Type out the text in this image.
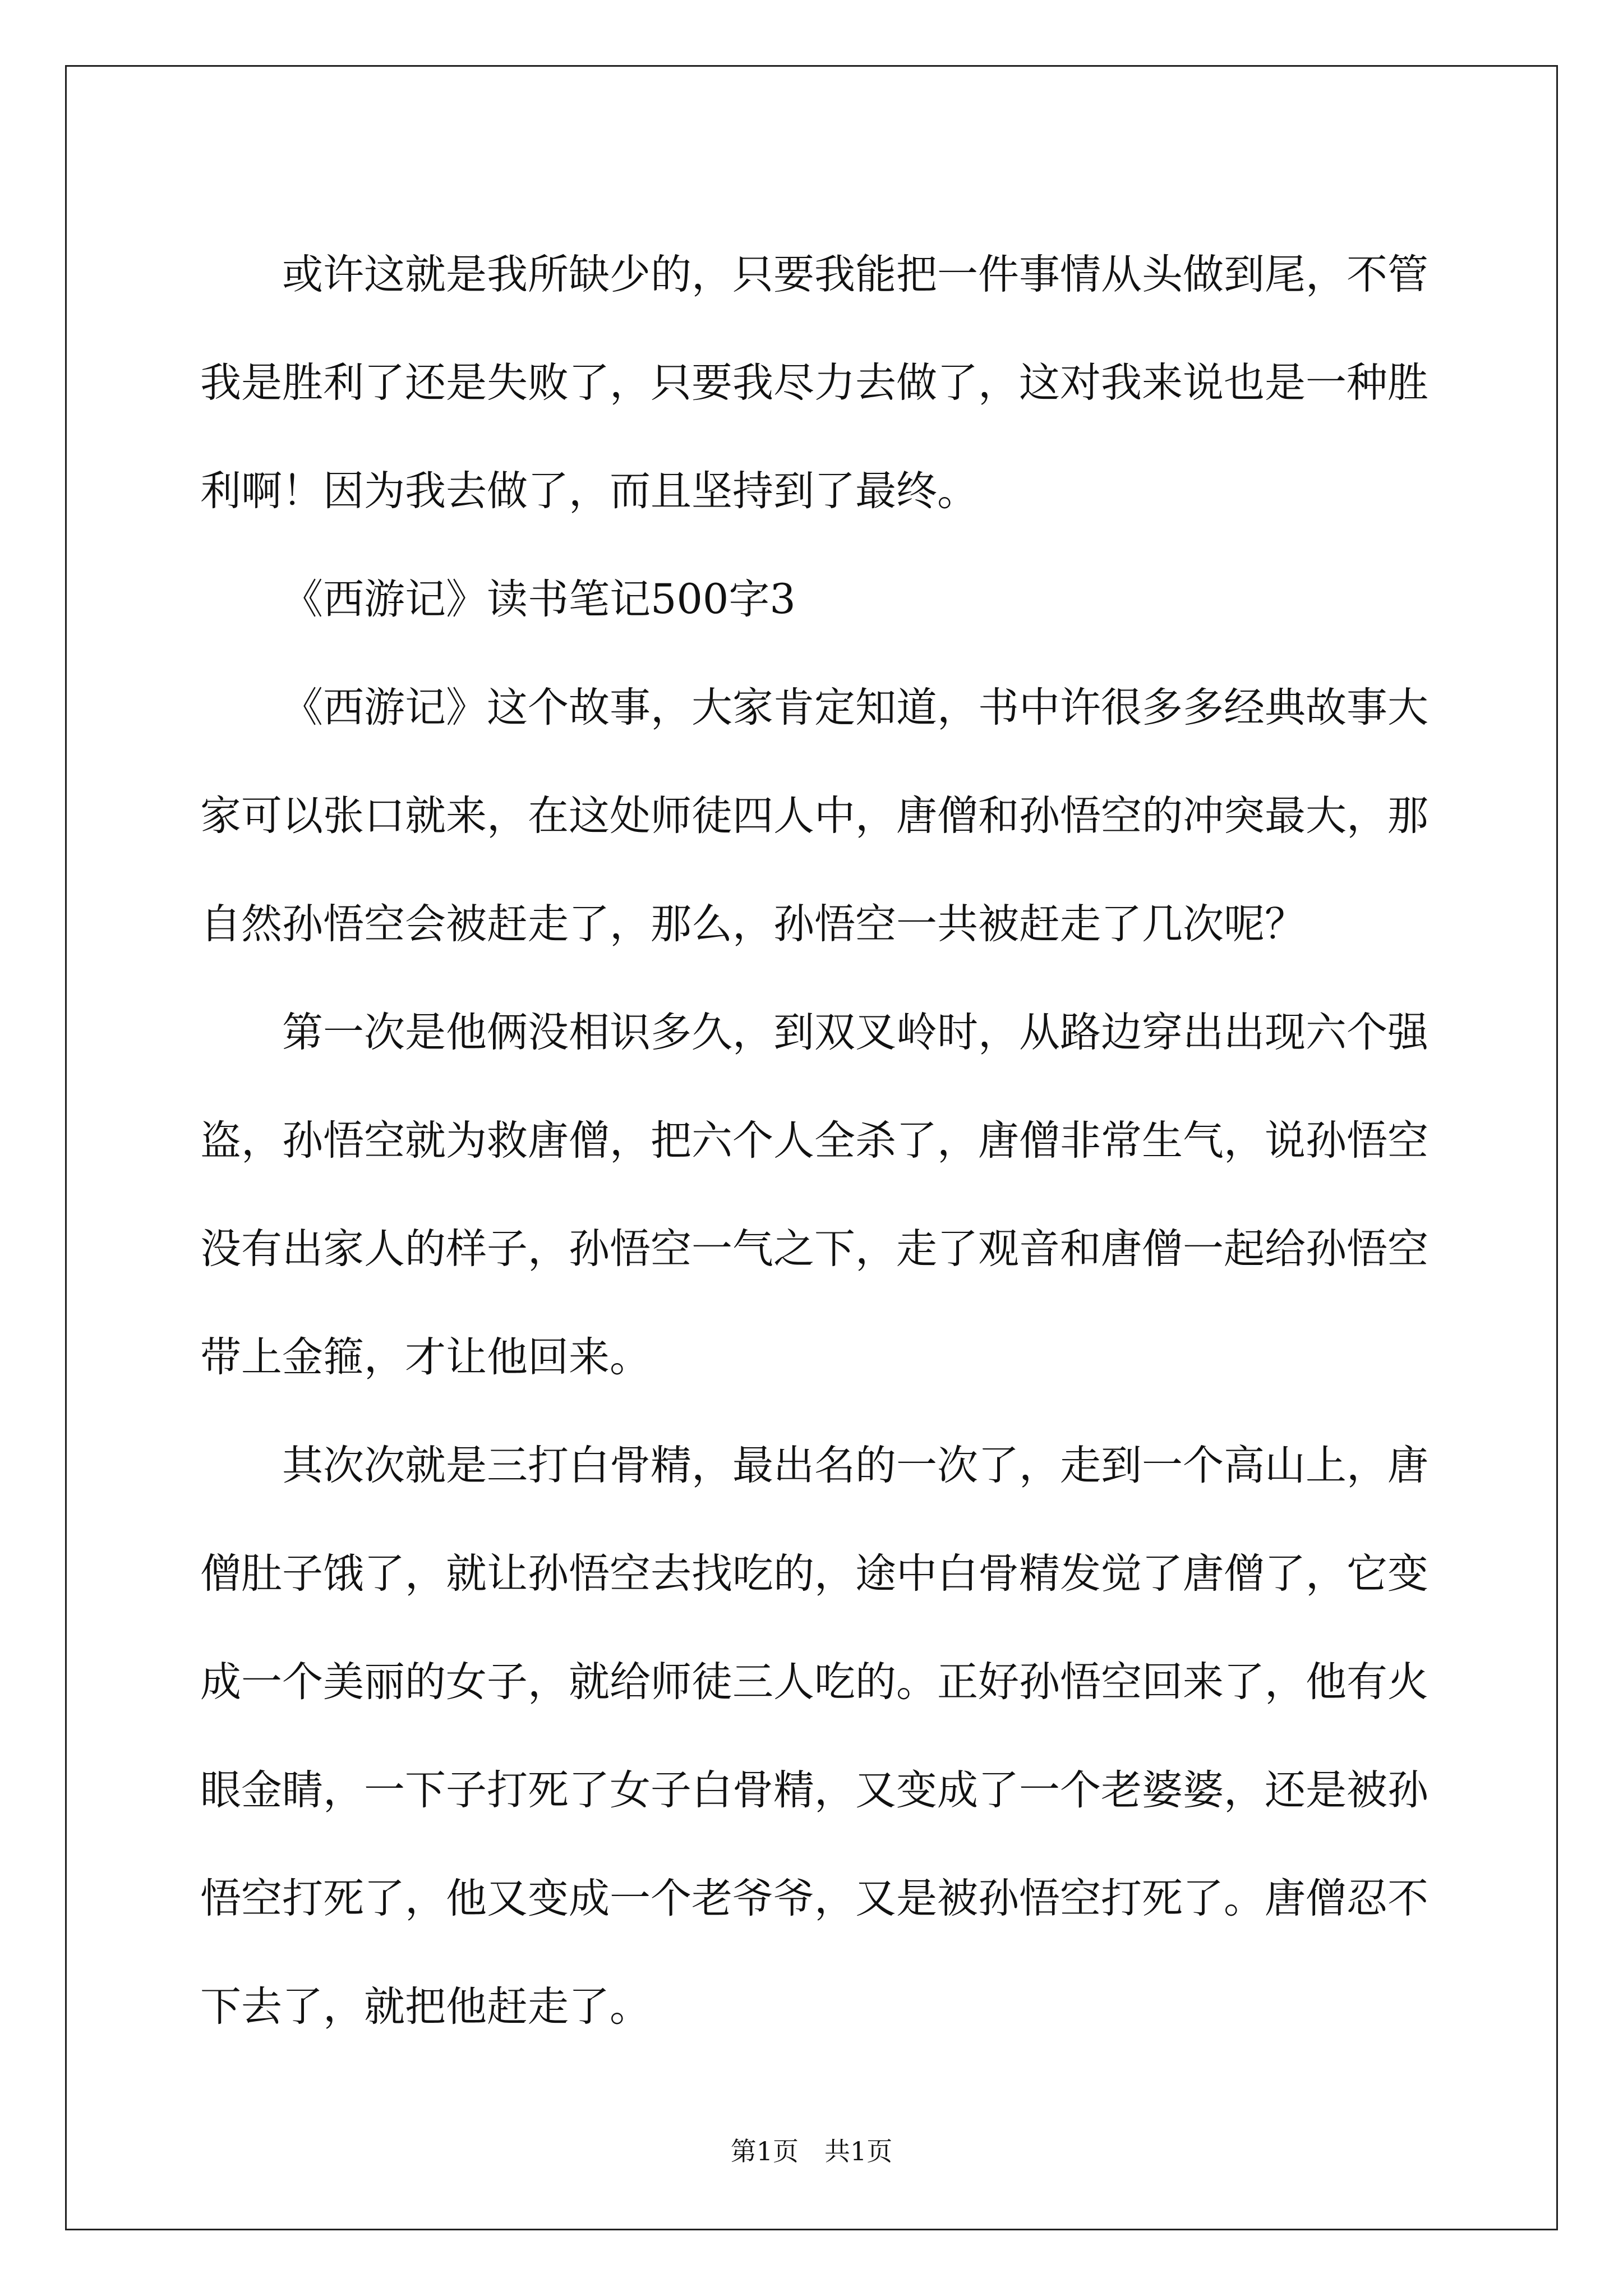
或许这就是我所缺少的，只要我能把一件事情从头做到尾，不管我是胜利了还是失败了，只要我尽力去做了，这对我来说也是一种胜利啊！因为我去做了，而且坚持到了最终。

《西游记》读书笔记500字3

《西游记》这个故事，大家肯定知道，书中许很多多经典故事大家可以张口就来，在这处师徒四人中，唐僧和孙悟空的冲突最大，那自然孙悟空会被赶走了，那么，孙悟空一共被赶走了几次呢？

第一次是他俩没相识多久，到双叉岭时，从路边穿出出现六个强盗，孙悟空就为救唐僧，把六个人全杀了，唐僧非常生气，说孙悟空没有出家人的样子，孙悟空一气之下，走了观音和唐僧一起给孙悟空带上金箍，才让他回来。

其次次就是三打白骨精，最出名的一次了，走到一个高山上，唐僧肚子饿了，就让孙悟空去找吃的，途中白骨精发觉了唐僧了，它变成一个美丽的女子，就给师徒三人吃的。正好孙悟空回来了，他有火眼金睛，一下子打死了女子白骨精，又变成了一个老婆婆，还是被孙悟空打死了，他又变成一个老爷爷，又是被孙悟空打死了。唐僧忍不下去了，就把他赶走了。

第1页 共1页
